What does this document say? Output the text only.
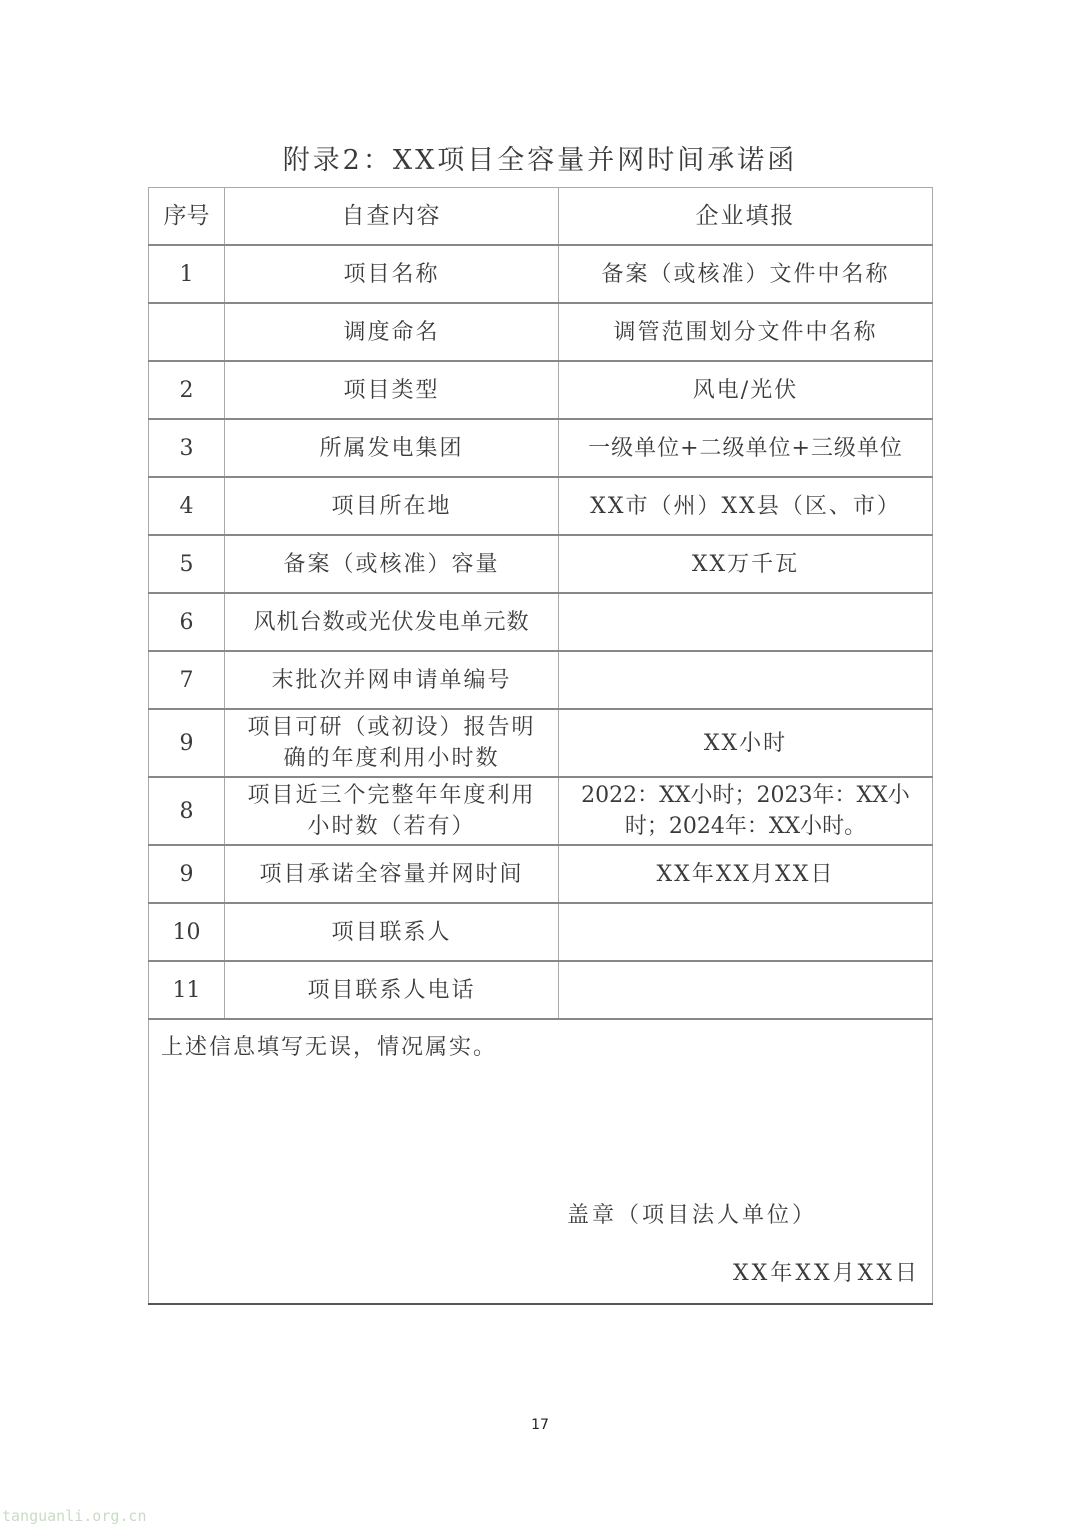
附录2：XX项目全容量并网时间承诺函
序号	自查内容	企业填报
1	项目名称	备案（或核准）文件中名称
	调度命名	调管范围划分文件中名称
2	项目类型	风电/光伏
3	所属发电集团	一级单位+二级单位+三级单位
4	项目所在地	XX市（州）XX县（区、市）
5	备案（或核准）容量	XX万千瓦
6	风机台数或光伏发电单元数	
7	末批次并网申请单编号	
9	项目可研（或初设）报告明确的年度利用小时数	XX小时
8	项目近三个完整年年度利用小时数（若有）	2022：XX小时；2023年：XX小时；2024年：XX小时。
9	项目承诺全容量并网时间	XX年XX月XX日
10	项目联系人	
11	项目联系人电话	

上述信息填写无误，情况属实。
盖章（项目法人单位）
XX年XX月XX日		
17
tanguanli.org.cn
